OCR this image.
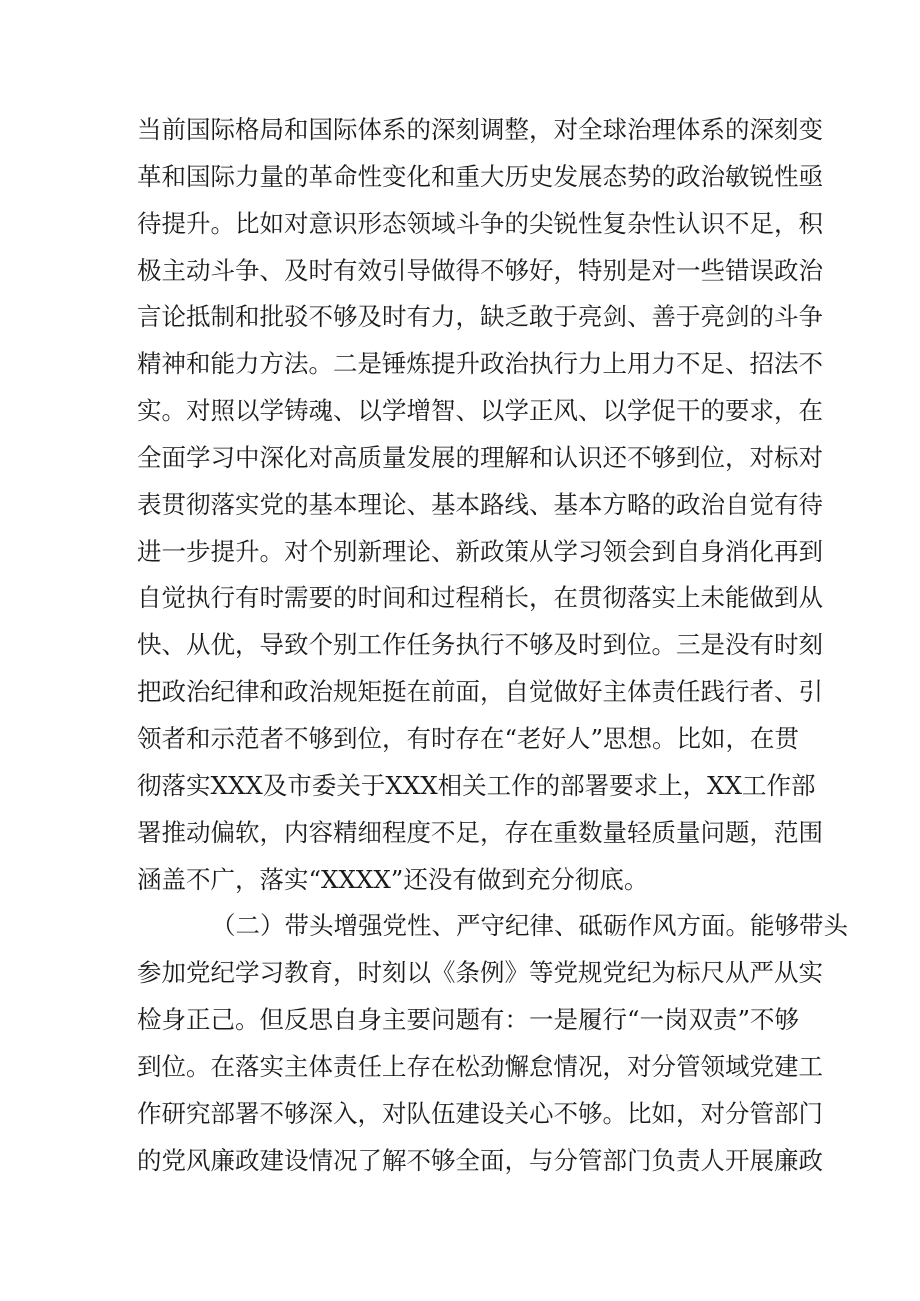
当前国际格局和国际体系的深刻调整，对全球治理体系的深刻变
革和国际力量的革命性变化和重大历史发展态势的政治敏锐性亟
待提升。比如对意识形态领域斗争的尖锐性复杂性认识不足，积
极主动斗争、及时有效引导做得不够好，特别是对一些错误政治
言论抵制和批驳不够及时有力，缺乏敢于亮剑、善于亮剑的斗争
精神和能力方法。二是锤炼提升政治执行力上用力不足、招法不
实。对照以学铸魂、以学增智、以学正风、以学促干的要求，在
全面学习中深化对高质量发展的理解和认识还不够到位，对标对
表贯彻落实党的基本理论、基本路线、基本方略的政治自觉有待
进一步提升。对个别新理论、新政策从学习领会到自身消化再到
自觉执行有时需要的时间和过程稍长，在贯彻落实上未能做到从
快、从优，导致个别工作任务执行不够及时到位。三是没有时刻
把政治纪律和政治规矩挺在前面，自觉做好主体责任践行者、引
领者和示范者不够到位，有时存在“老好人”思想。比如，在贯
彻落实XXX及市委关于XXX相关工作的部署要求上，XX工作部
署推动偏软，内容精细程度不足，存在重数量轻质量问题，范围
涵盖不广，落实“XXXX”还没有做到充分彻底。
（二）带头增强党性、严守纪律、砥砺作风方面。能够带头
参加党纪学习教育，时刻以《条例》等党规党纪为标尺从严从实
检身正己。但反思自身主要问题有：一是履行“一岗双责”不够
到位。在落实主体责任上存在松劲懈怠情况，对分管领域党建工
作研究部署不够深入，对队伍建设关心不够。比如，对分管部门
的党风廉政建设情况了解不够全面，与分管部门负责人开展廉政
